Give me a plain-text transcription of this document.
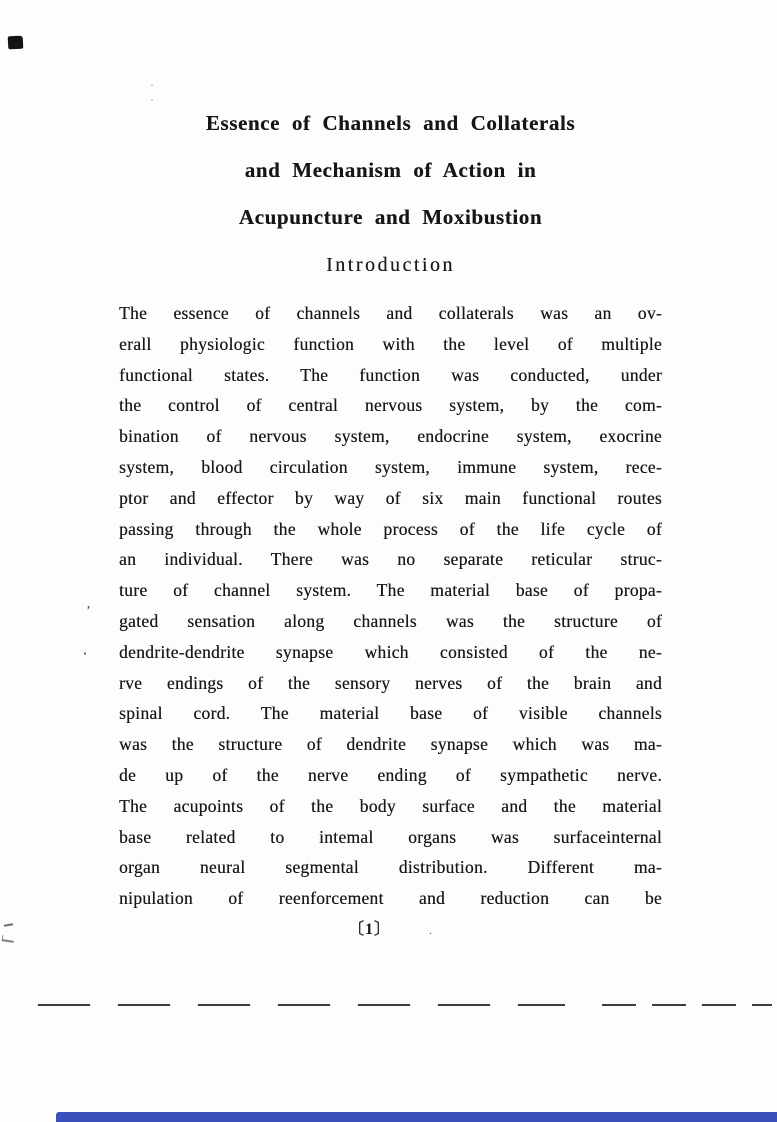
· ·
’
Essence of Channels and Collaterals
and Mechanism of Action in
Acupuncture and Moxibustion
Introduction
The essence of channels and collaterals was an ov-
erall physiologic function with the level of multiple
functional states. The function was conducted, under
the control of central nervous system, by the com-
bination of nervous system, endocrine system, exocrine
system, blood circulation system, immune system, rece-
ptor and effector by way of six main functional routes
passing through the whole process of the life cycle of
an individual. There was no separate reticular struc-
ture of channel system. The material base of propa-
gated sensation along channels was the structure of
dendrite-dendrite synapse which consisted of the ne-
rve endings of the sensory nerves of the brain and
spinal cord. The material base of visible channels
was the structure of dendrite synapse which was ma-
de up of the nerve ending of sympathetic nerve.
The acupoints of the body surface and the material
base related to intemal organs was surfaceinternal
organ neural segmental distribution. Different ma-
nipulation of reenforcement and reduction can be
〔1〕	.
